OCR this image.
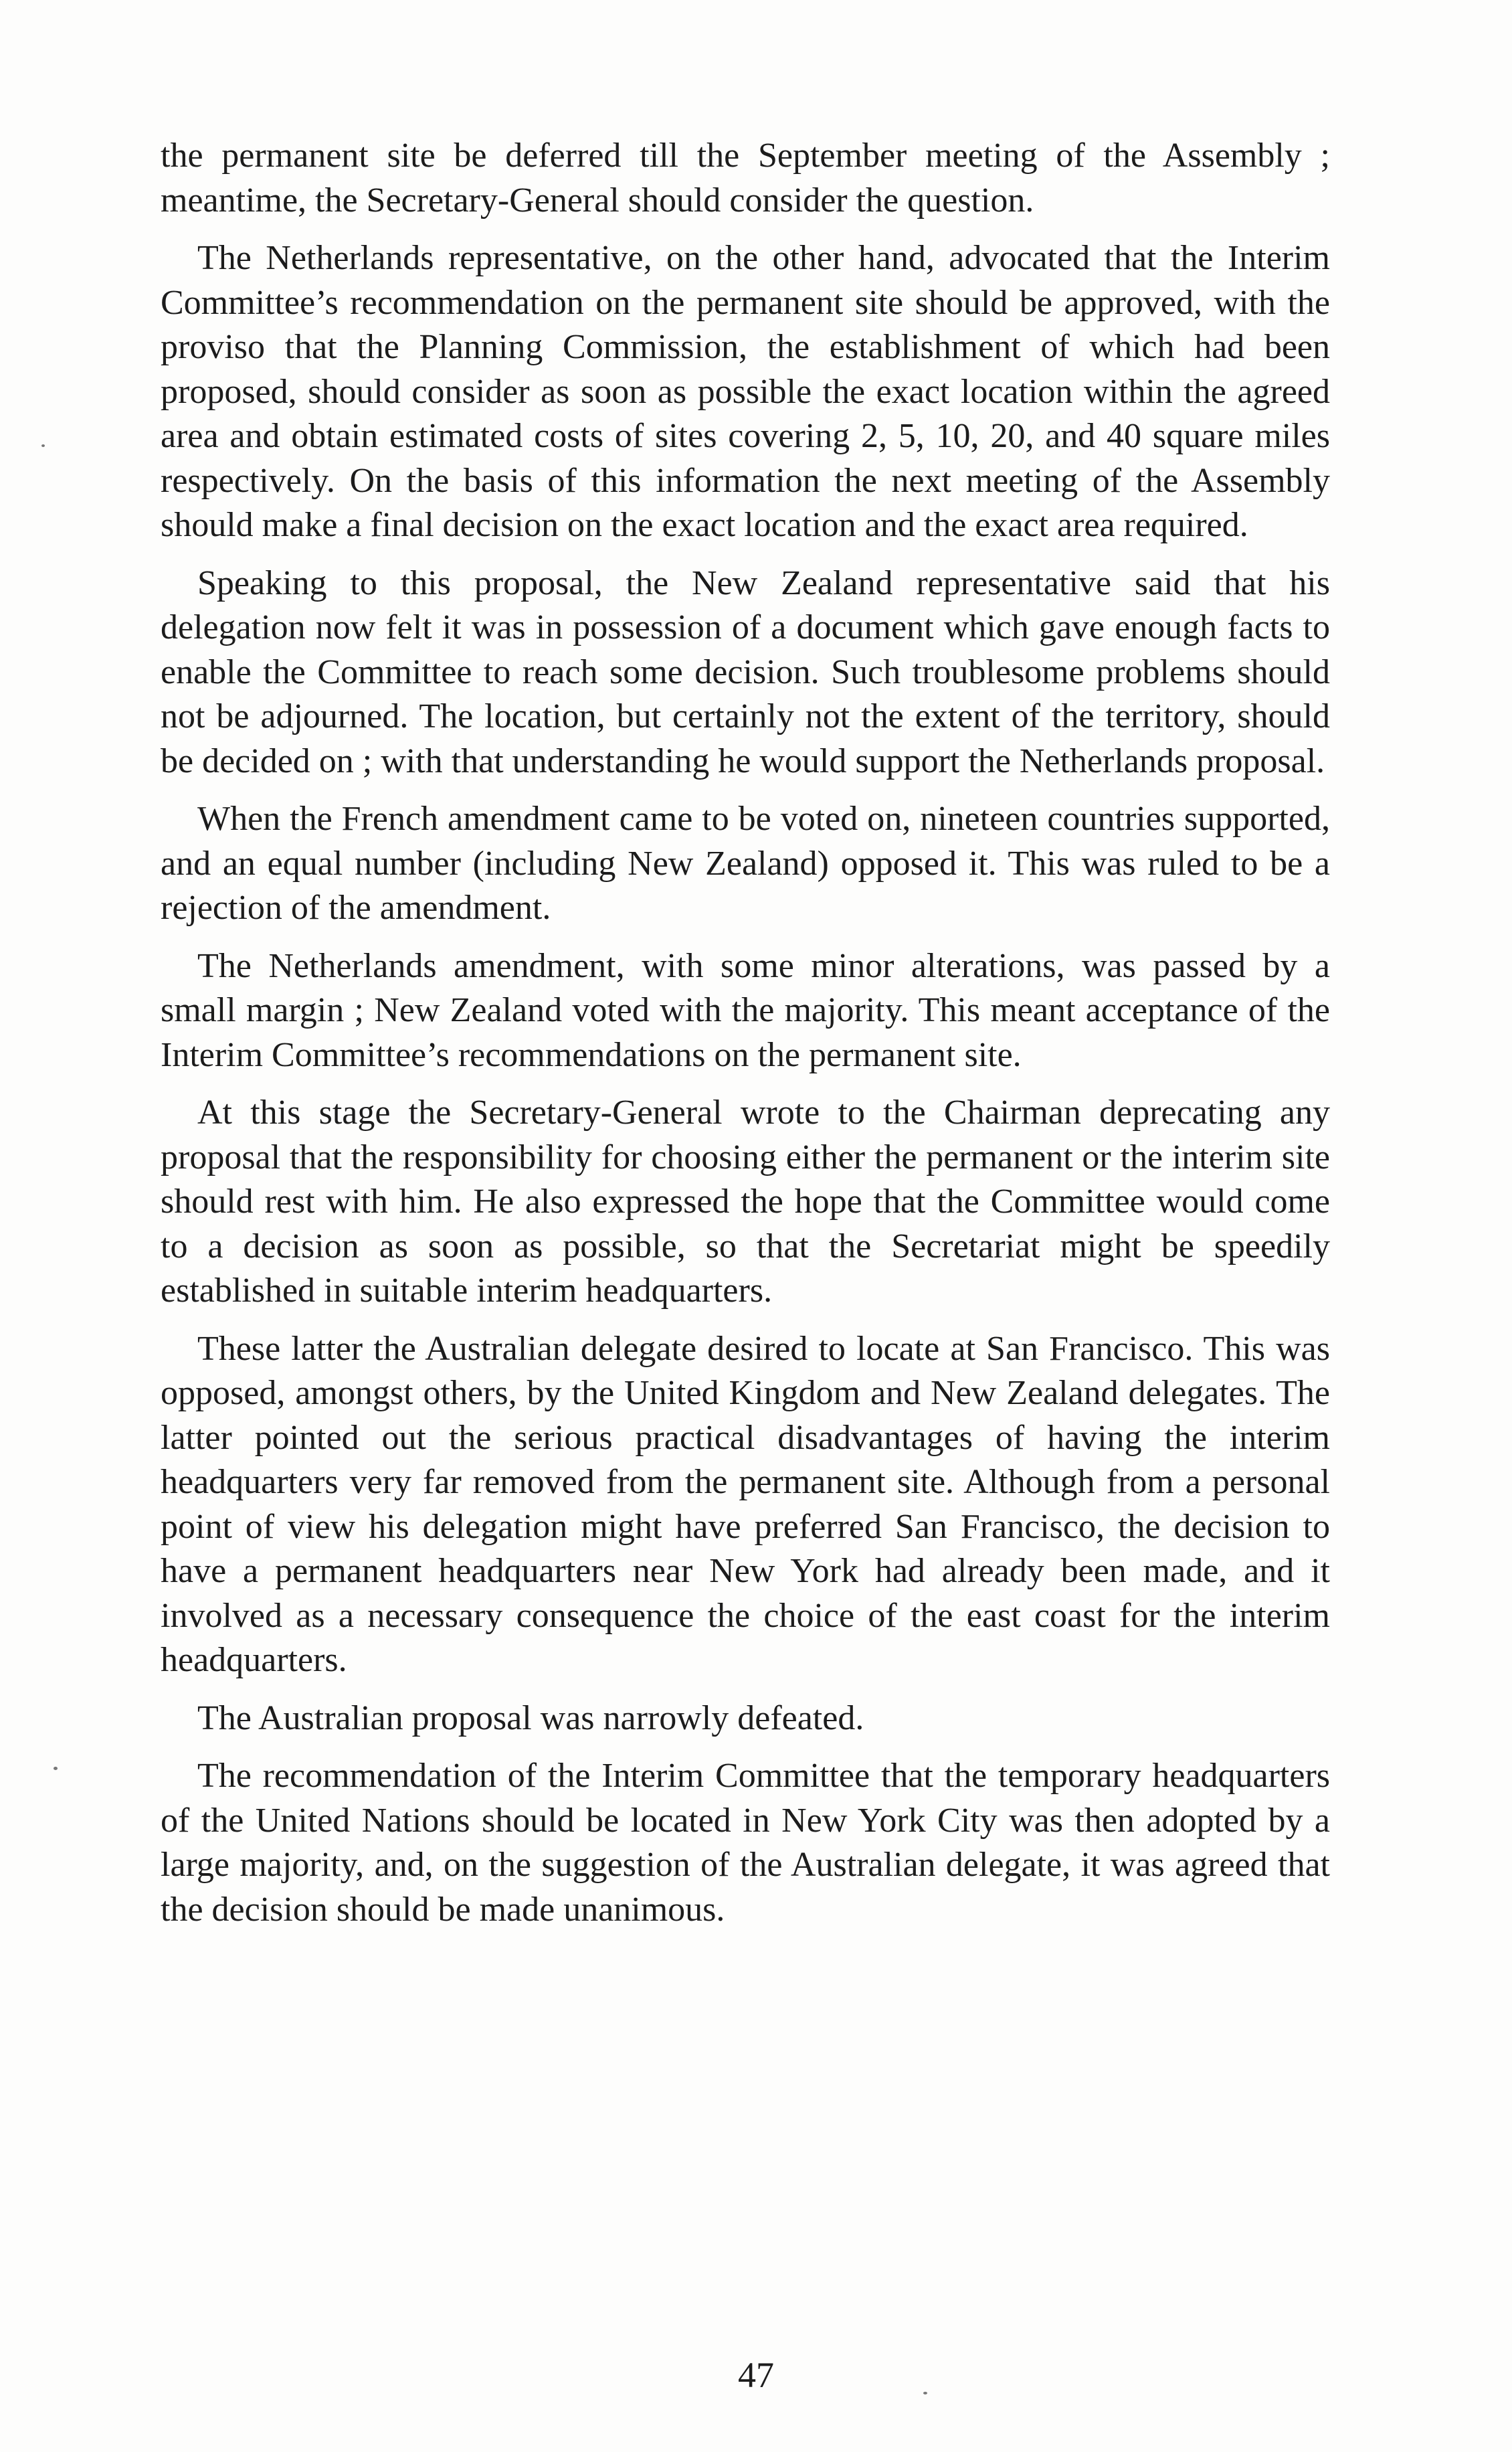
the permanent site be deferred till the September meeting of the Assembly ; meantime, the Secretary-General should consider the question.

The Netherlands representative, on the other hand, advocated that the Interim Committee’s recommendation on the permanent site should be approved, with the proviso that the Planning Commission, the establishment of which had been proposed, should consider as soon as possible the exact location within the agreed area and obtain estimated costs of sites covering 2, 5, 10, 20, and 40 square miles respectively. On the basis of this information the next meeting of the Assembly should make a final decision on the exact location and the exact area required.

Speaking to this proposal, the New Zealand representative said that his delegation now felt it was in possession of a document which gave enough facts to enable the Committee to reach some decision. Such troublesome problems should not be adjourned. The location, but certainly not the extent of the territory, should be decided on ; with that understanding he would support the Netherlands proposal.

When the French amendment came to be voted on, nineteen countries supported, and an equal number (including New Zealand) opposed it. This was ruled to be a rejection of the amendment.

The Netherlands amendment, with some minor alterations, was passed by a small margin ; New Zealand voted with the majority. This meant acceptance of the Interim Committee’s recommendations on the permanent site.

At this stage the Secretary-General wrote to the Chairman deprecating any proposal that the responsibility for choosing either the permanent or the interim site should rest with him. He also expressed the hope that the Committee would come to a decision as soon as possible, so that the Secretariat might be speedily established in suitable interim headquarters.

These latter the Australian delegate desired to locate at San Francisco. This was opposed, amongst others, by the United Kingdom and New Zealand delegates. The latter pointed out the serious practical disadvantages of having the interim headquarters very far removed from the permanent site. Although from a personal point of view his delegation might have preferred San Francisco, the decision to have a permanent headquarters near New York had already been made, and it involved as a necessary consequence the choice of the east coast for the interim headquarters.

The Australian proposal was narrowly defeated.

The recommendation of the Interim Committee that the temporary headquarters of the United Nations should be located in New York City was then adopted by a large majority, and, on the suggestion of the Australian delegate, it was agreed that the decision should be made unanimous.

47
